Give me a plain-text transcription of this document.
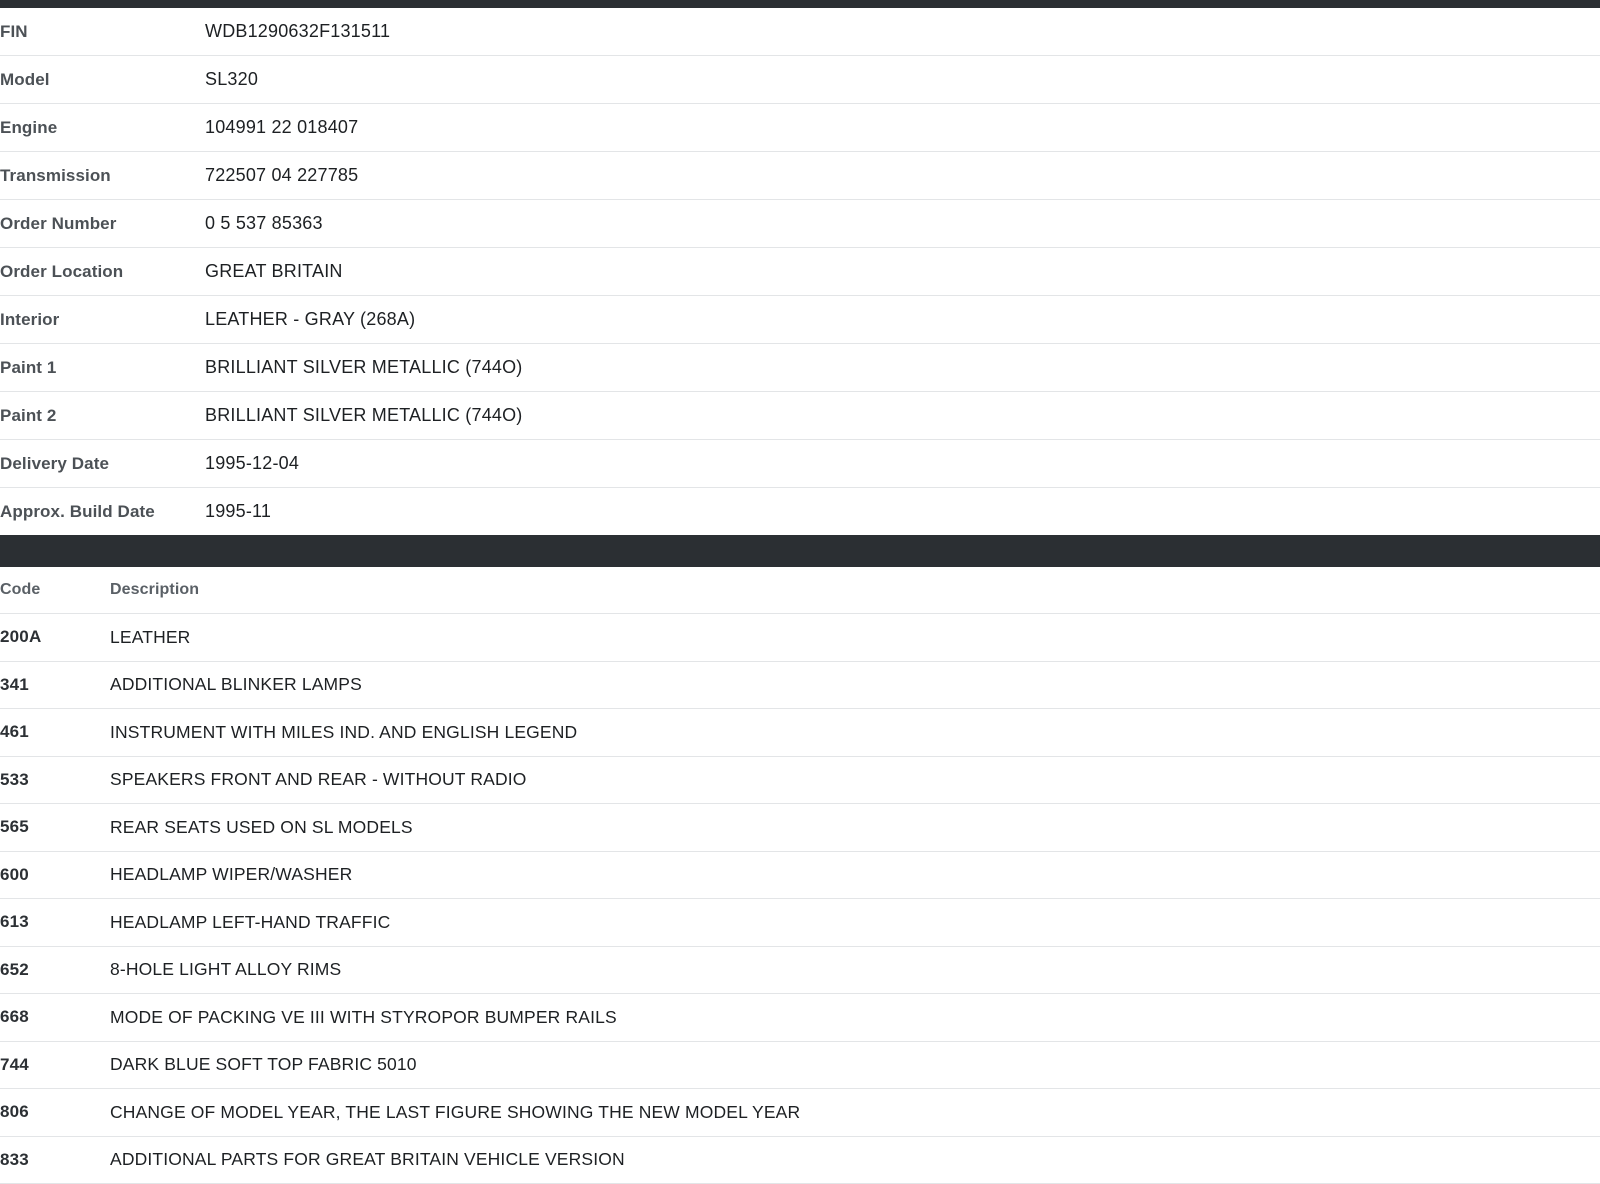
FIN	WDB1290632F131511
Model	SL320
Engine	104991 22 018407
Transmission	722507 04 227785
Order Number	0 5 537 85363
Order Location	GREAT BRITAIN
Interior	LEATHER - GRAY (268A)
Paint 1	BRILLIANT SILVER METALLIC (744O)
Paint 2	BRILLIANT SILVER METALLIC (744O)
Delivery Date	1995-12-04
Approx. Build Date	1995-11
Code	Description
200A	LEATHER
341	ADDITIONAL BLINKER LAMPS
461	INSTRUMENT WITH MILES IND. AND ENGLISH LEGEND
533	SPEAKERS FRONT AND REAR - WITHOUT RADIO
565	REAR SEATS USED ON SL MODELS
600	HEADLAMP WIPER/WASHER
613	HEADLAMP LEFT-HAND TRAFFIC
652	8-HOLE LIGHT ALLOY RIMS
668	MODE OF PACKING VE III WITH STYROPOR BUMPER RAILS
744	DARK BLUE SOFT TOP FABRIC 5010
806	CHANGE OF MODEL YEAR, THE LAST FIGURE SHOWING THE NEW MODEL YEAR
833	ADDITIONAL PARTS FOR GREAT BRITAIN VEHICLE VERSION
